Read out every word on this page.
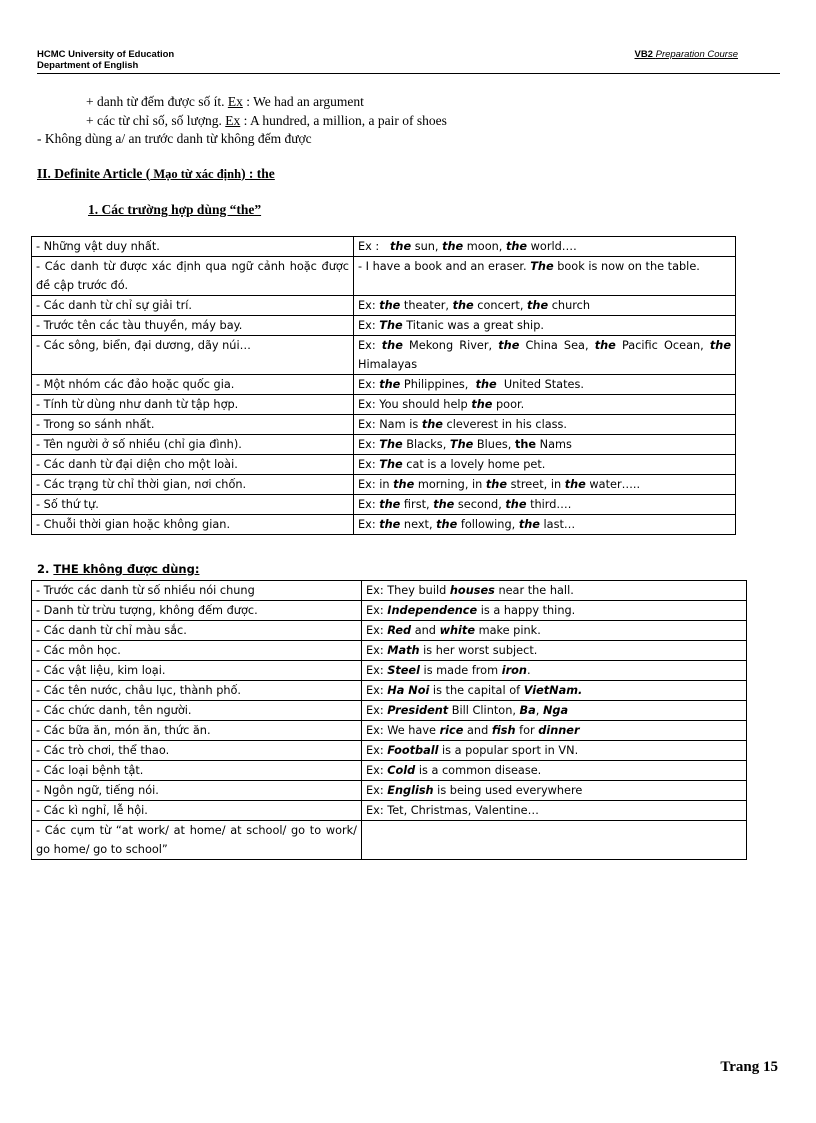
HCMC University of Education
Department of English
VB2 Preparation Course
+ danh từ đếm được số ít. Ex : We had an argument
+ các từ chỉ số, số lượng. Ex : A hundred, a million, a pair of shoes
- Không dùng a/ an trước danh từ không đếm được
II. Definite Article ( Mạo từ xác định) : the
1. Các trường hợp dùng “the”
- Những vật duy nhất.	Ex :   the sun, the moon, the world….
- Các danh từ được xác định qua ngữ cảnh hoặc được đề cập trước đó.	- I have a book and an eraser. The book is now on the table.
- Các danh từ chỉ sự giải trí.	Ex: the theater, the concert, the church
- Trước tên các tàu thuyền, máy bay.	Ex: The Titanic was a great ship.
- Các sông, biển, đại dương, dãy núi…	Ex: the Mekong River, the China Sea, the Pacific Ocean, the Himalayas
- Một nhóm các đảo hoặc quốc gia.	Ex: the Philippines,  the  United States.
- Tính từ dùng như danh từ tập hợp.	Ex: You should help the poor.
- Trong so sánh nhất.	Ex: Nam is the cleverest in his class.
- Tên người ở số nhiều (chỉ gia đình).	Ex: The Blacks, The Blues, the Nams
- Các danh từ đại diện cho một loài.	Ex: The cat is a lovely home pet.
- Các trạng từ chỉ thời gian, nơi chốn.	Ex: in the morning, in the street, in the water…..
- Số thứ tự.	Ex: the first, the second, the third….
- Chuỗi thời gian hoặc không gian.	Ex: the next, the following, the last…
2. THE không được dùng:
- Trước các danh từ số nhiều nói chung	Ex: They build houses near the hall.
- Danh từ trừu tượng, không đếm được.	Ex: Independence is a happy thing.
- Các danh từ chỉ màu sắc.	Ex: Red and white make pink.
- Các môn học.	Ex: Math is her worst subject.
- Các vật liệu, kim loại.	Ex: Steel is made from iron.
- Các tên nước, châu lục, thành phố.	Ex: Ha Noi is the capital of VietNam.
- Các chức danh, tên người.	Ex: President Bill Clinton, Ba, Nga
- Các bữa ăn, món ăn, thức ăn.	Ex: We have rice and fish for dinner
- Các trò chơi, thể thao.	Ex: Football is a popular sport in VN.
- Các loại bệnh tật.	Ex: Cold is a common disease.
- Ngôn ngữ, tiếng nói.	Ex: English is being used everywhere
- Các kì nghỉ, lễ hội.	Ex: Tet, Christmas, Valentine…
- Các cụm từ “at work/ at home/ at school/ go to work/ go home/ go to school”	
Trang 15
